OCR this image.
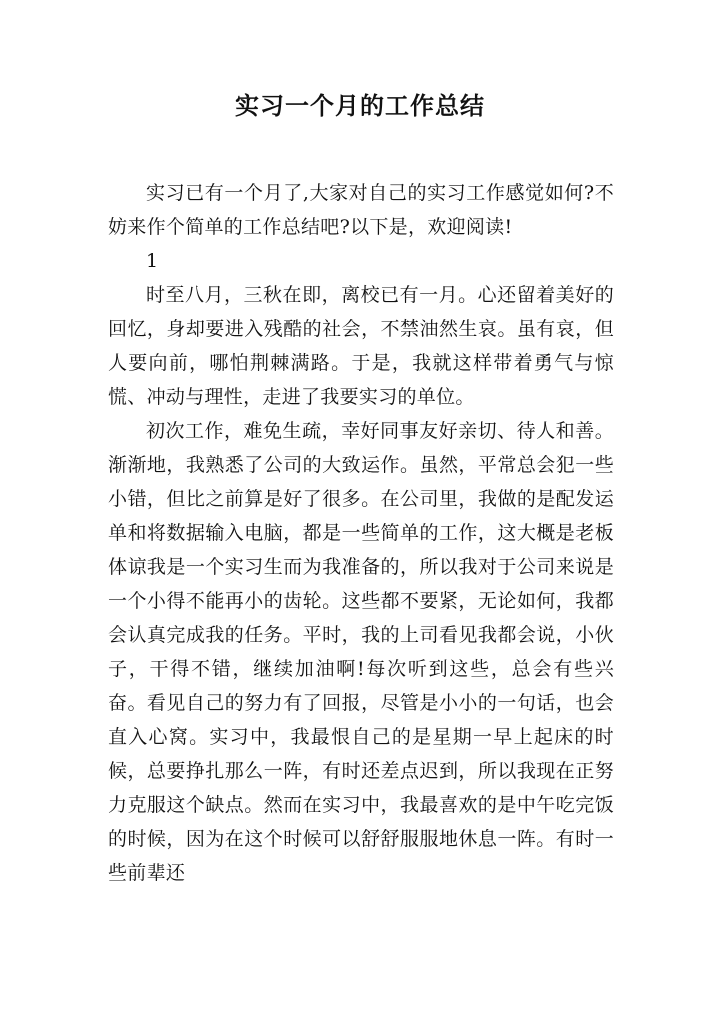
实习一个月的工作总结

实习已有一个月了,大家对自己的实习工作感觉如何?不妨来作个简单的工作总结吧?以下是，欢迎阅读!

1

时至八月，三秋在即，离校已有一月。心还留着美好的回忆，身却要进入残酷的社会，不禁油然生哀。虽有哀，但人要向前，哪怕荆棘满路。于是，我就这样带着勇气与惊慌、冲动与理性，走进了我要实习的单位。

初次工作，难免生疏，幸好同事友好亲切、待人和善。渐渐地，我熟悉了公司的大致运作。虽然，平常总会犯一些小错，但比之前算是好了很多。在公司里，我做的是配发运单和将数据输入电脑，都是一些简单的工作，这大概是老板体谅我是一个实习生而为我准备的，所以我对于公司来说是一个小得不能再小的齿轮。这些都不要紧，无论如何，我都会认真完成我的任务。平时，我的上司看见我都会说，小伙子，干得不错，继续加油啊!每次听到这些，总会有些兴奋。看见自己的努力有了回报，尽管是小小的一句话，也会直入心窝。实习中，我最恨自己的是星期一早上起床的时候，总要挣扎那么一阵，有时还差点迟到，所以我现在正努力克服这个缺点。然而在实习中，我最喜欢的是中午吃完饭的时候，因为在这个时候可以舒舒服服地休息一阵。有时一些前辈还
